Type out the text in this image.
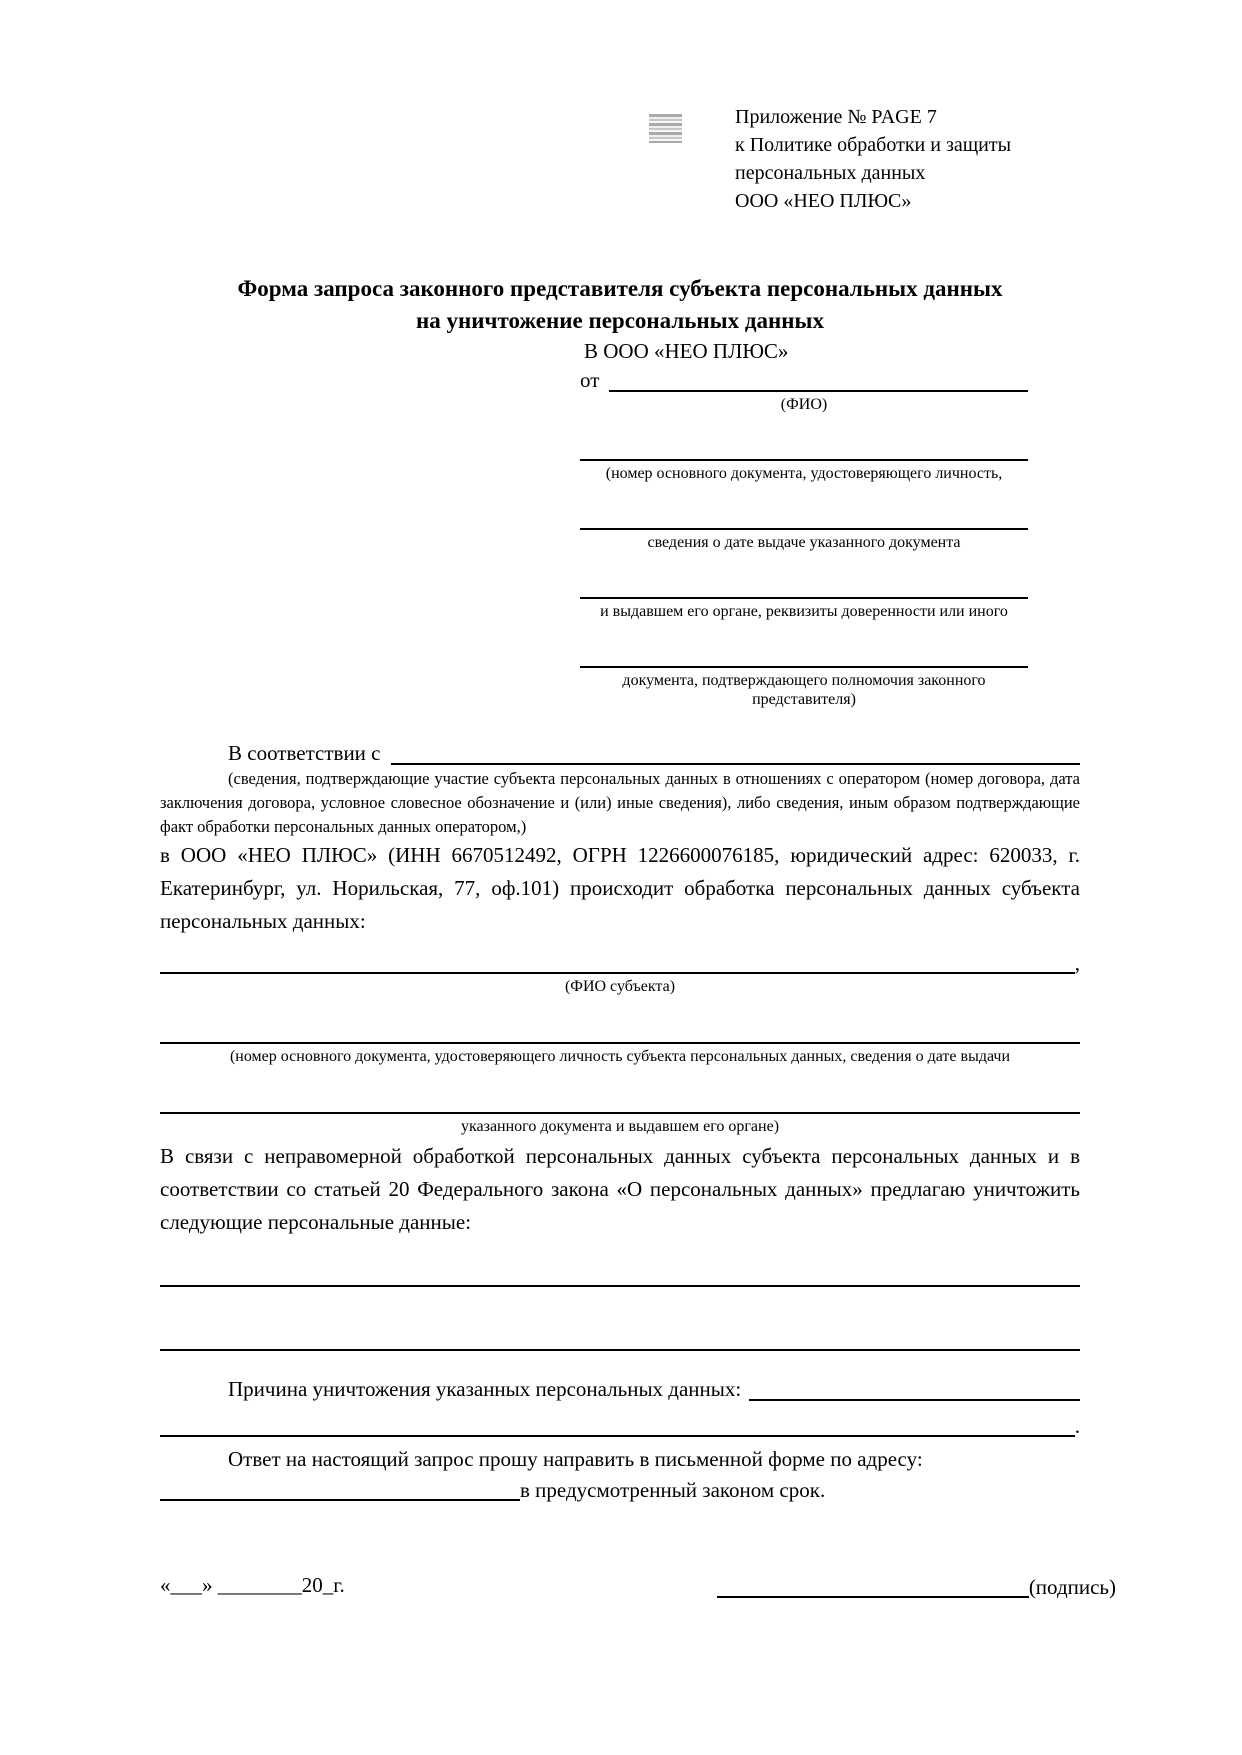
Приложение № PAGE 7
к Политике обработки и защиты
персональных данных
ООО «НЕО ПЛЮС»
Форма запроса законного представителя субъекта персональных данных
на уничтожение персональных данных
В ООО «НЕО ПЛЮС»
от
(ФИО)
(номер основного документа, удостоверяющего личность,
сведения о дате выдаче указанного документа
и выдавшем его органе, реквизиты доверенности или иного
документа, подтверждающего полномочия законного представителя)
В соответствии с
(сведения, подтверждающие участие субъекта персональных данных в отношениях с оператором (номер договора, дата заключения договора, условное словесное обозначение и (или) иные сведения), либо сведения, иным образом подтверждающие факт обработки персональных данных оператором,)
в ООО «НЕО ПЛЮС» (ИНН 6670512492, ОГРН 1226600076185, юридический адрес: 620033, г. Екатеринбург, ул. Норильская, 77, оф.101) происходит обработка персональных данных субъекта персональных данных:
,
(ФИО субъекта)
(номер основного документа, удостоверяющего личность субъекта персональных данных, сведения о дате выдачи
указанного документа и выдавшем его органе)
В связи с неправомерной обработкой персональных данных субъекта персональных данных и в соответствии со статьей 20 Федерального закона «О персональных данных» предлагаю уничтожить следующие персональные данные:
Причина уничтожения указанных персональных данных:
.
Ответ на настоящий запрос прошу направить в письменной форме по адресу:
в предусмотренный законом срок.
«___» ________20_г.	(подпись)
